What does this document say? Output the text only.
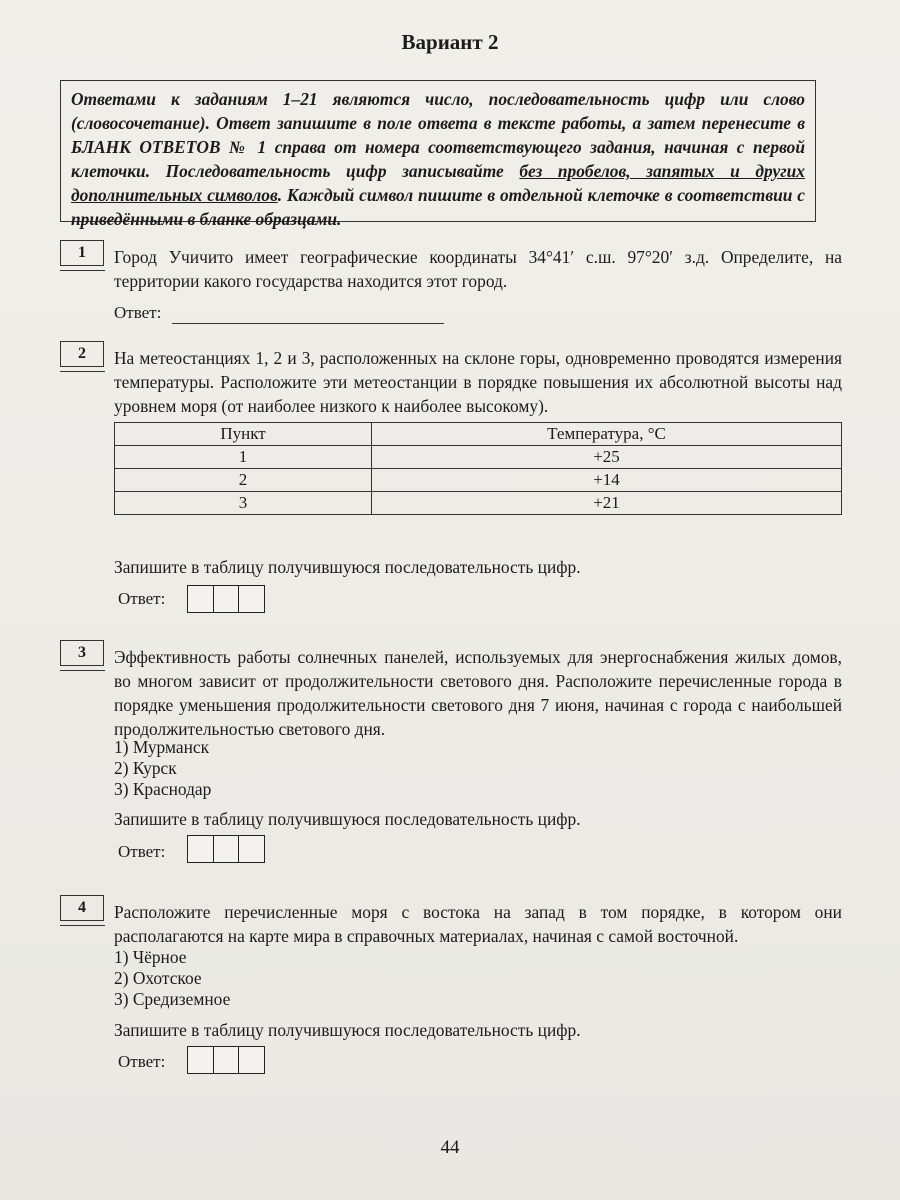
Вариант 2
Ответами к заданиям 1–21 являются число, последовательность цифр или слово (словосочетание). Ответ запишите в поле ответа в тексте работы, а затем перенесите в БЛАНК ОТВЕТОВ № 1 справа от номера соответствующего задания, начиная с первой клеточки. Последовательность цифр записывайте без пробелов, запятых и других дополнительных символов. Каждый символ пишите в отдельной клеточке в соответствии с приведёнными в бланке образцами.
1	Город Учичито имеет географические координаты 34°41′ с.ш. 97°20′ з.д. Определите, на территории какого государства находится этот город.
Ответ:
2	На метеостанциях 1, 2 и 3, расположенных на склоне горы, одновременно проводятся измерения температуры. Расположите эти метеостанции в порядке повышения их абсолютной высоты над уровнем моря (от наиболее низкого к наиболее высокому).
Пункт	Температура, °С
1	+25
2	+14
3	+21
Запишите в таблицу получившуюся последовательность цифр.
Ответ:
3	Эффективность работы солнечных панелей, используемых для энергоснабжения жилых домов, во многом зависит от продолжительности светового дня. Расположите перечисленные города в порядке уменьшения продолжительности светового дня 7 июня, начиная с города с наибольшей продолжительностью светового дня.
1) Мурманск
2) Курск
3) Краснодар
Запишите в таблицу получившуюся последовательность цифр.
Ответ:
4	Расположите перечисленные моря с востока на запад в том порядке, в котором они располагаются на карте мира в справочных материалах, начиная с самой восточной.
1) Чёрное
2) Охотское
3) Средиземное
Запишите в таблицу получившуюся последовательность цифр.
Ответ:
44
